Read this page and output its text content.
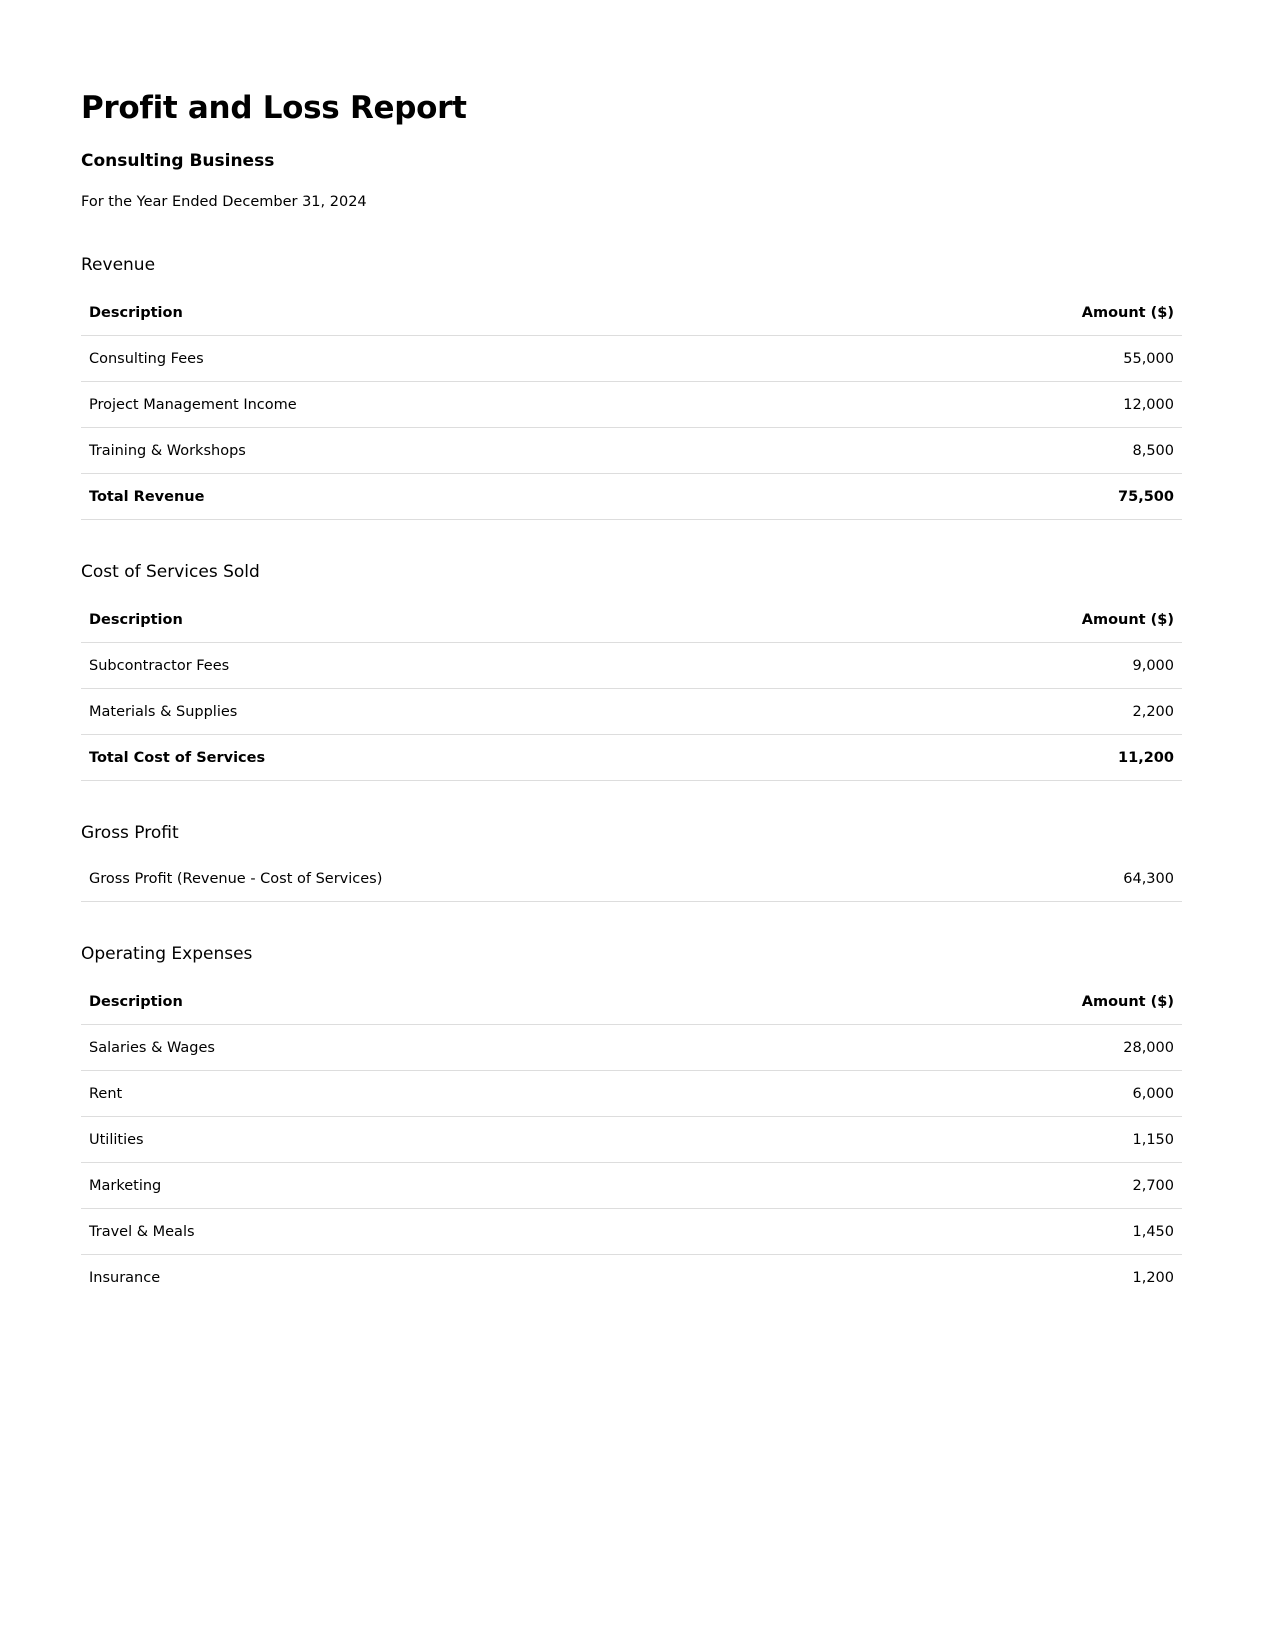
Profit and Loss Report
Consulting Business

For the Year Ended December 31, 2024

Revenue
Description	Amount ($)
Consulting Fees	55,000
Project Management Income	12,000
Training & Workshops	8,500
Total Revenue	75,500
Cost of Services Sold
Description	Amount ($)
Subcontractor Fees	9,000
Materials & Supplies	2,200
Total Cost of Services	11,200
Gross Profit
Gross Profit (Revenue - Cost of Services)	64,300
Operating Expenses
Description	Amount ($)
Salaries & Wages	28,000
Rent	6,000
Utilities	1,150
Marketing	2,700
Travel & Meals	1,450
Insurance	1,200
